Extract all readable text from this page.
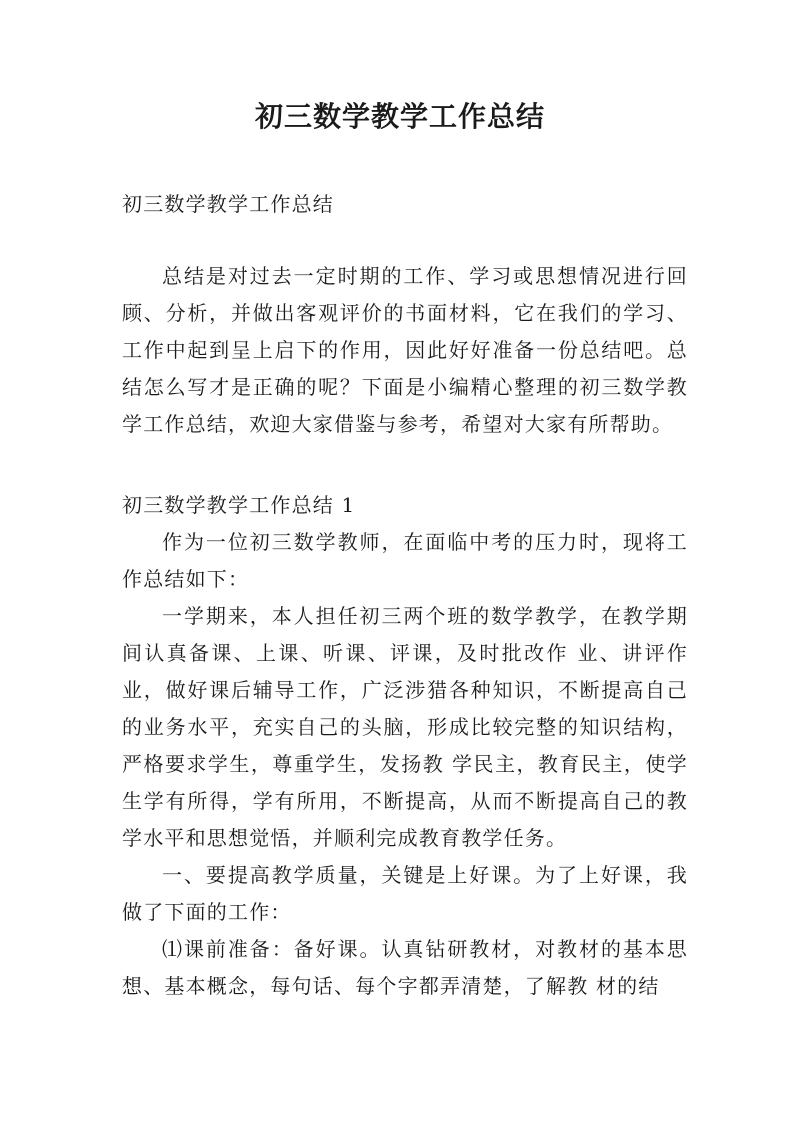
初三数学教学工作总结
初三数学教学工作总结

总结是对过去一定时期的工作、学习或思想情况进行回顾、分析，并做出客观评价的书面材料，它在我们的学习、工作中起到呈上启下的作用，因此好好准备一份总结吧。总结怎么写才是正确的呢？下面是小编精心整理的初三数学教学工作总结，欢迎大家借鉴与参考，希望对大家有所帮助。

初三数学教学工作总结 1

作为一位初三数学教师，在面临中考的压力时，现将工作总结如下：

一学期来，本人担任初三两个班的数学教学，在教学期间认真备课、上课、听课、评课，及时批改作 业、讲评作业，做好课后辅导工作，广泛涉猎各种知识，不断提高自己的业务水平，充实自己的头脑，形成比较完整的知识结构，严格要求学生，尊重学生，发扬教 学民主，教育民主，使学生学有所得，学有所用，不断提高，从而不断提高自己的教学水平和思想觉悟，并顺利完成教育教学任务。

一、要提高教学质量，关键是上好课。为了上好课，我做了下面的工作：

⑴课前准备：备好课。认真钻研教材，对教材的基本思想、基本概念，每句话、每个字都弄清楚，了解教 材的结
